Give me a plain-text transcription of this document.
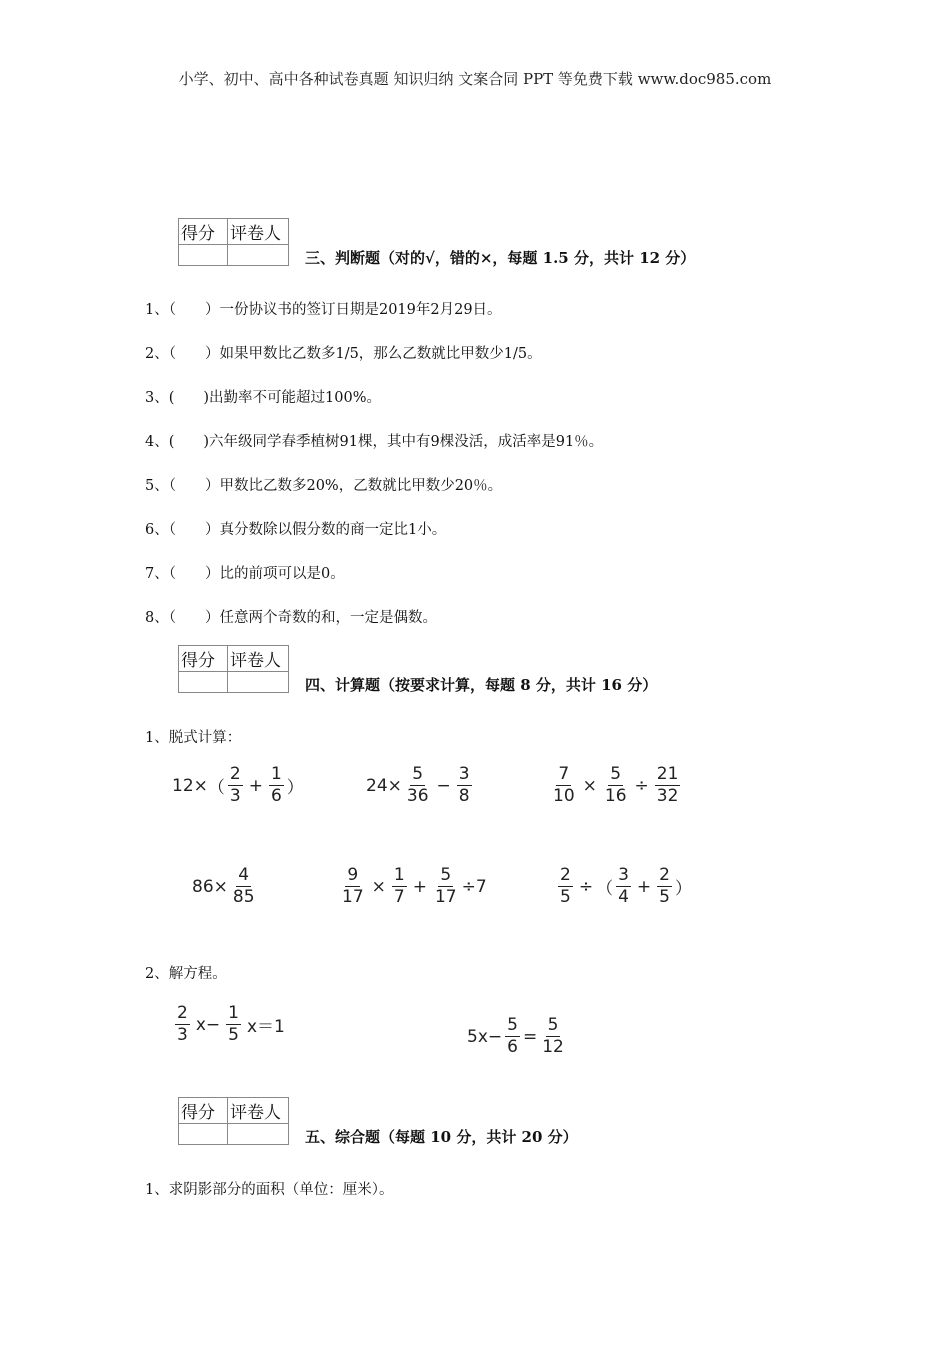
小学、初中、高中各种试卷真题 知识归纳 文案合同 PPT 等免费下载 www.doc985.com
得分	评卷人

三、判断题（对的√，错的×，每题 1.5 分，共计 12 分）
1、（　　）一份协议书的签订日期是2019年2月29日。
2、（　　）如果甲数比乙数多1/5，那么乙数就比甲数少1/5。
3、(　　)出勤率不可能超过100%。
4、(　　)六年级同学春季植树91棵，其中有9棵没活，成活率是91％。
5、（　　）甲数比乙数多20%，乙数就比甲数少20％。
6、（　　）真分数除以假分数的商一定比1小。
7、（　　）比的前项可以是0。
8、（　　）任意两个奇数的和，一定是偶数。
得分	评卷人

四、计算题（按要求计算，每题 8 分，共计 16 分）
1、脱式计算：
12× （ $\frac{2}{3} + \frac{1}{6}$ ）	$24\times \frac{5}{36} - \frac{3}{8}$	$\frac{7}{10} \times \frac{5}{16} \div \frac{21}{32}$
$86\times \frac{4}{85}$	$\frac{9}{17} \times \frac{1}{7} + \frac{5}{17} \div 7$	$\frac{2}{5}$ ÷ （ $\frac{3}{4} + \frac{2}{5}$ ）
2、解方程。
$\frac{2}{3} x- \frac{1}{5} x=1$	$5x- \frac{5}{6} = \frac{5}{12}$
得分	评卷人

五、综合题（每题 10 分，共计 20 分）
1、求阴影部分的面积（单位：厘米）。
